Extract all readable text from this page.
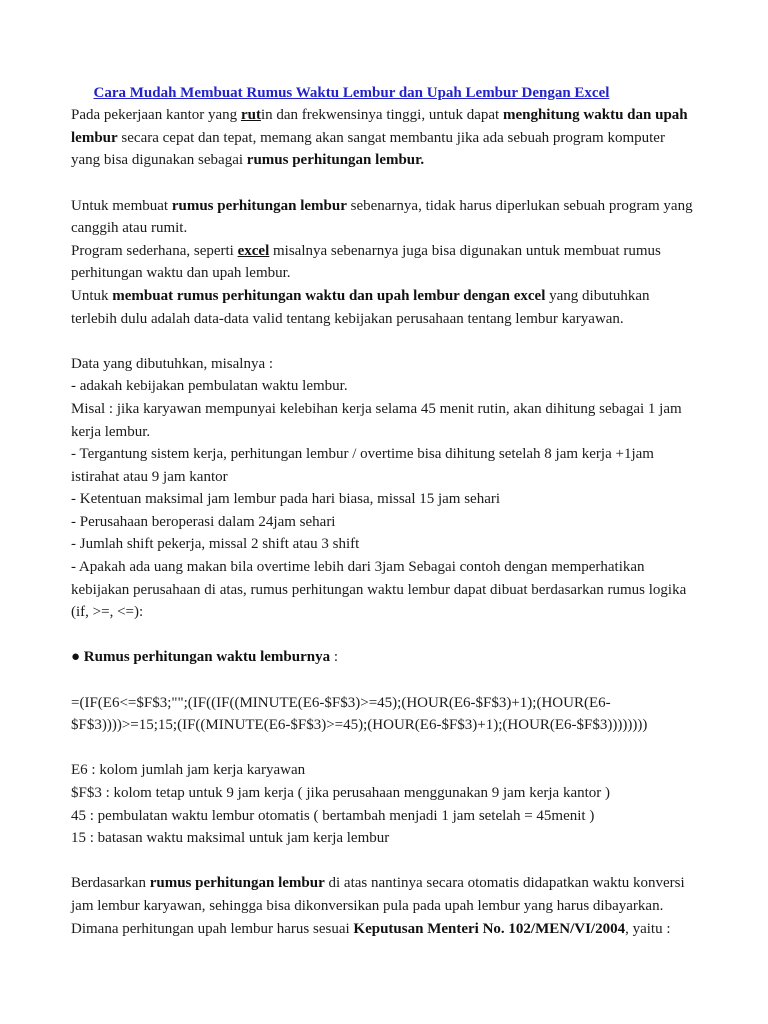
Cara Mudah Membuat Rumus Waktu Lembur dan Upah Lembur Dengan Excel

Pada pekerjaan kantor yang rutin dan frekwensinya tinggi, untuk dapat menghitung waktu dan upah
lembur secara cepat dan tepat, memang akan sangat membantu jika ada sebuah program komputer
yang bisa digunakan sebagai rumus perhitungan lembur.
Untuk membuat rumus perhitungan lembur sebenarnya, tidak harus diperlukan sebuah program yang
canggih atau rumit.
Program sederhana, seperti excel misalnya sebenarnya juga bisa digunakan untuk membuat rumus
perhitungan waktu dan upah lembur.
Untuk membuat rumus perhitungan waktu dan upah lembur dengan excel yang dibutuhkan
terlebih dulu adalah data-data valid tentang kebijakan perusahaan tentang lembur karyawan.
Data yang dibutuhkan, misalnya :
- adakah kebijakan pembulatan waktu lembur.
Misal : jika karyawan mempunyai kelebihan kerja selama 45 menit rutin, akan dihitung sebagai 1 jam
kerja lembur.
- Tergantung sistem kerja, perhitungan lembur / overtime bisa dihitung setelah 8 jam kerja +1jam
istirahat atau 9 jam kantor
- Ketentuan maksimal jam lembur pada hari biasa, missal 15 jam sehari
- Perusahaan beroperasi dalam 24jam sehari
- Jumlah shift pekerja, missal 2 shift atau 3 shift
- Apakah ada uang makan bila overtime lebih dari 3jam Sebagai contoh dengan memperhatikan
kebijakan perusahaan di atas, rumus perhitungan waktu lembur dapat dibuat berdasarkan rumus logika
(if, >=, <=):
● Rumus perhitungan waktu lemburnya :
=(IF(E6<=$F$3;"";(IF((IF((MINUTE(E6-$F$3)>=45);(HOUR(E6-$F$3)+1);(HOUR(E6-
$F$3))))>=15;15;(IF((MINUTE(E6-$F$3)>=45);(HOUR(E6-$F$3)+1);(HOUR(E6-$F$3))))))))
E6 : kolom jumlah jam kerja karyawan
$F$3 : kolom tetap untuk 9 jam kerja ( jika perusahaan menggunakan 9 jam kerja kantor )
45 : pembulatan waktu lembur otomatis ( bertambah menjadi 1 jam setelah = 45menit )
15 : batasan waktu maksimal untuk jam kerja lembur
Berdasarkan rumus perhitungan lembur di atas nantinya secara otomatis didapatkan waktu konversi
jam lembur karyawan, sehingga bisa dikonversikan pula pada upah lembur yang harus dibayarkan.
Dimana perhitungan upah lembur harus sesuai Keputusan Menteri No. 102/MEN/VI/2004, yaitu :
